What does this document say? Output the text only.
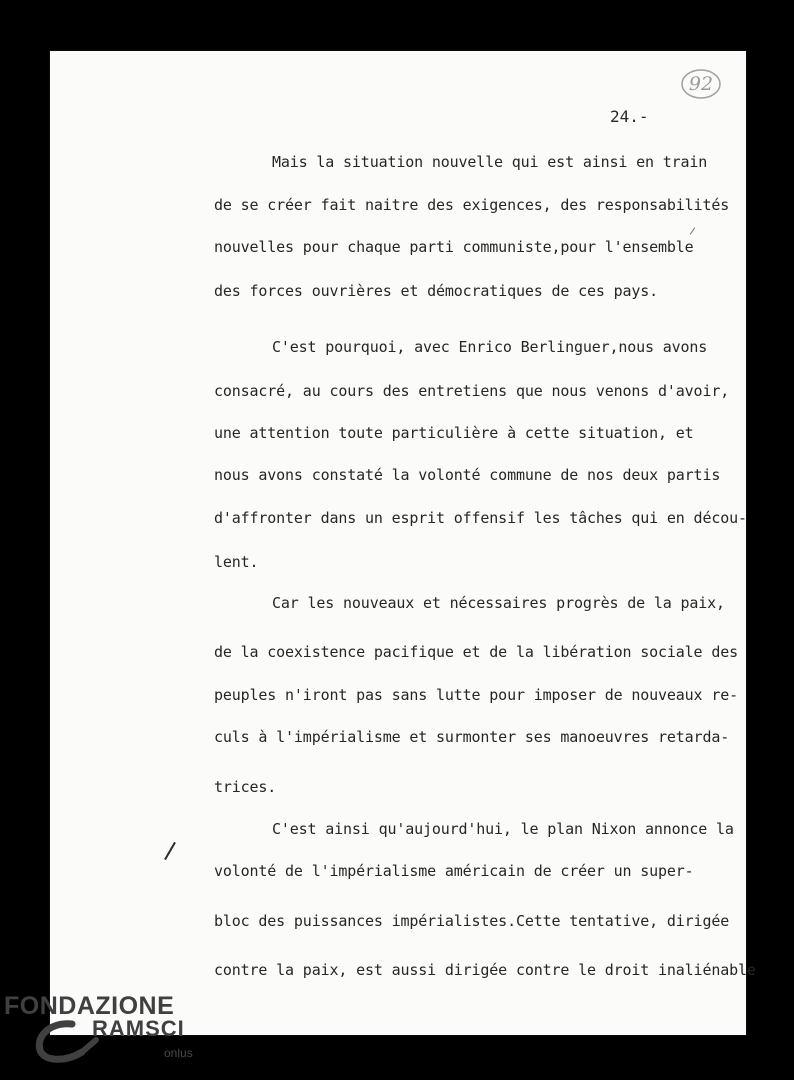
92
24.-
Mais la situation nouvelle qui est ainsi en train
de se créer fait naitre des exigences, des responsabilités
nouvelles pour chaque parti communiste,pour l'ensemble
des forces ouvrières et démocratiques de ces pays.
C'est pourquoi, avec Enrico Berlinguer,nous avons
consacré, au cours des entretiens que nous venons d'avoir,
une attention toute particulière à cette situation, et
nous avons constaté la volonté commune de nos deux partis
d'affronter dans un esprit offensif les tâches qui en décou-
lent.
Car les nouveaux et nécessaires progrès de la paix,
de la coexistence pacifique et de la libération sociale des
peuples n'iront pas sans lutte pour imposer de nouveaux re-
culs à l'impérialisme et surmonter ses manoeuvres retarda-
trices.
C'est ainsi qu'aujourd'hui, le plan Nixon annonce la
volonté de l'impérialisme américain de créer un super-
bloc des puissances impérialistes.Cette tentative, dirigée
contre la paix, est aussi dirigée contre le droit inaliénable
FONDAZIONE
RAMSCI
onlus
